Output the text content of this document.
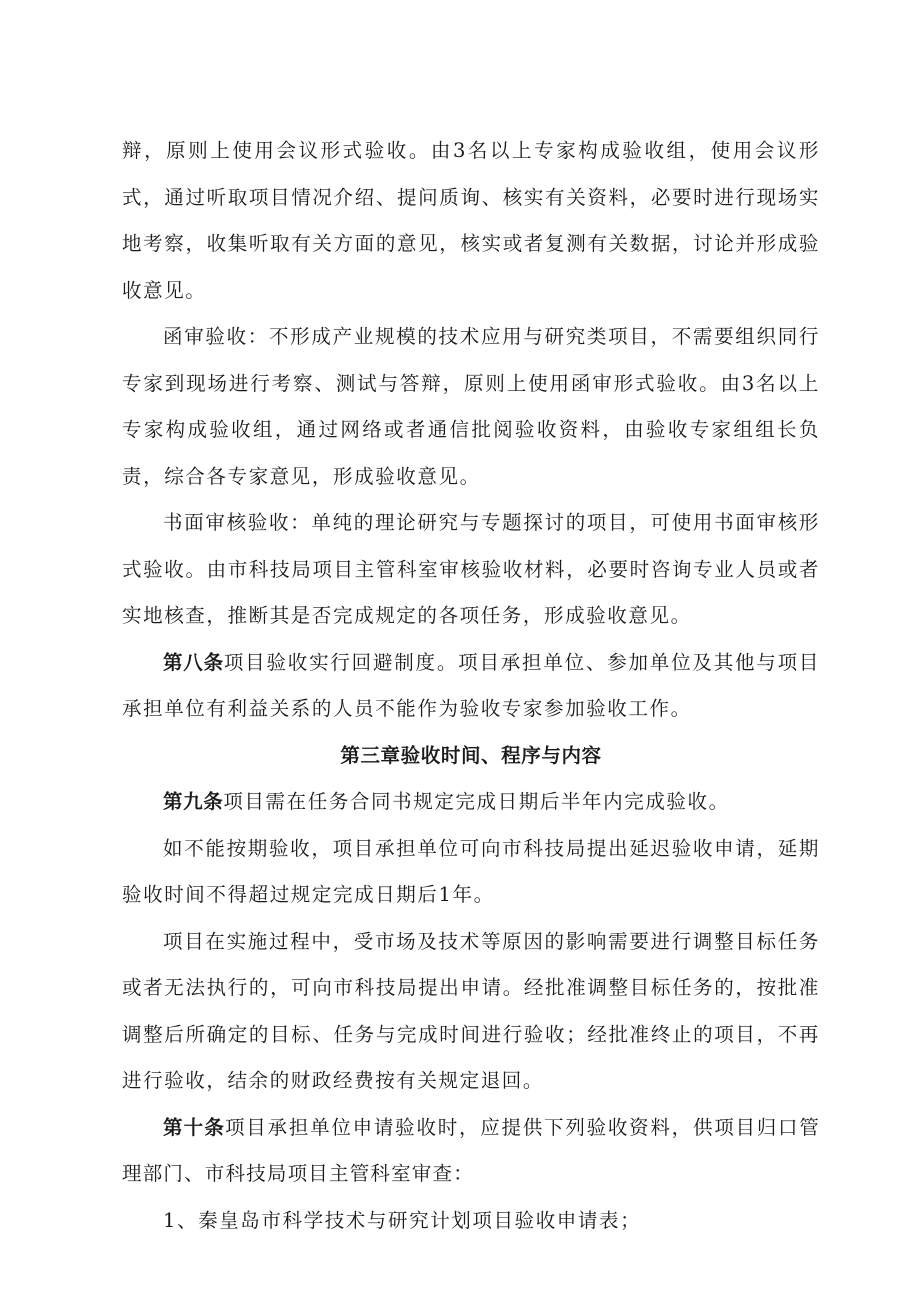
辩，原则上使用会议形式验收。由3名以上专家构成验收组，使用会议形式，通过听取项目情况介绍、提问质询、核实有关资料，必要时进行现场实地考察，收集听取有关方面的意见，核实或者复测有关数据，讨论并形成验收意见。

函审验收：不形成产业规模的技术应用与研究类项目，不需要组织同行专家到现场进行考察、测试与答辩，原则上使用函审形式验收。由3名以上专家构成验收组，通过网络或者通信批阅验收资料，由验收专家组组长负责，综合各专家意见，形成验收意见。

书面审核验收：单纯的理论研究与专题探讨的项目，可使用书面审核形式验收。由市科技局项目主管科室审核验收材料，必要时咨询专业人员或者实地核查，推断其是否完成规定的各项任务，形成验收意见。

第八条项目验收实行回避制度。项目承担单位、参加单位及其他与项目承担单位有利益关系的人员不能作为验收专家参加验收工作。

第三章验收时间、程序与内容

第九条项目需在任务合同书规定完成日期后半年内完成验收。

如不能按期验收，项目承担单位可向市科技局提出延迟验收申请，延期验收时间不得超过规定完成日期后1年。

项目在实施过程中，受市场及技术等原因的影响需要进行调整目标任务或者无法执行的，可向市科技局提出申请。经批准调整目标任务的，按批准调整后所确定的目标、任务与完成时间进行验收；经批准终止的项目，不再进行验收，结余的财政经费按有关规定退回。

第十条项目承担单位申请验收时，应提供下列验收资料，供项目归口管理部门、市科技局项目主管科室审查：

1、秦皇岛市科学技术与研究计划项目验收申请表；
